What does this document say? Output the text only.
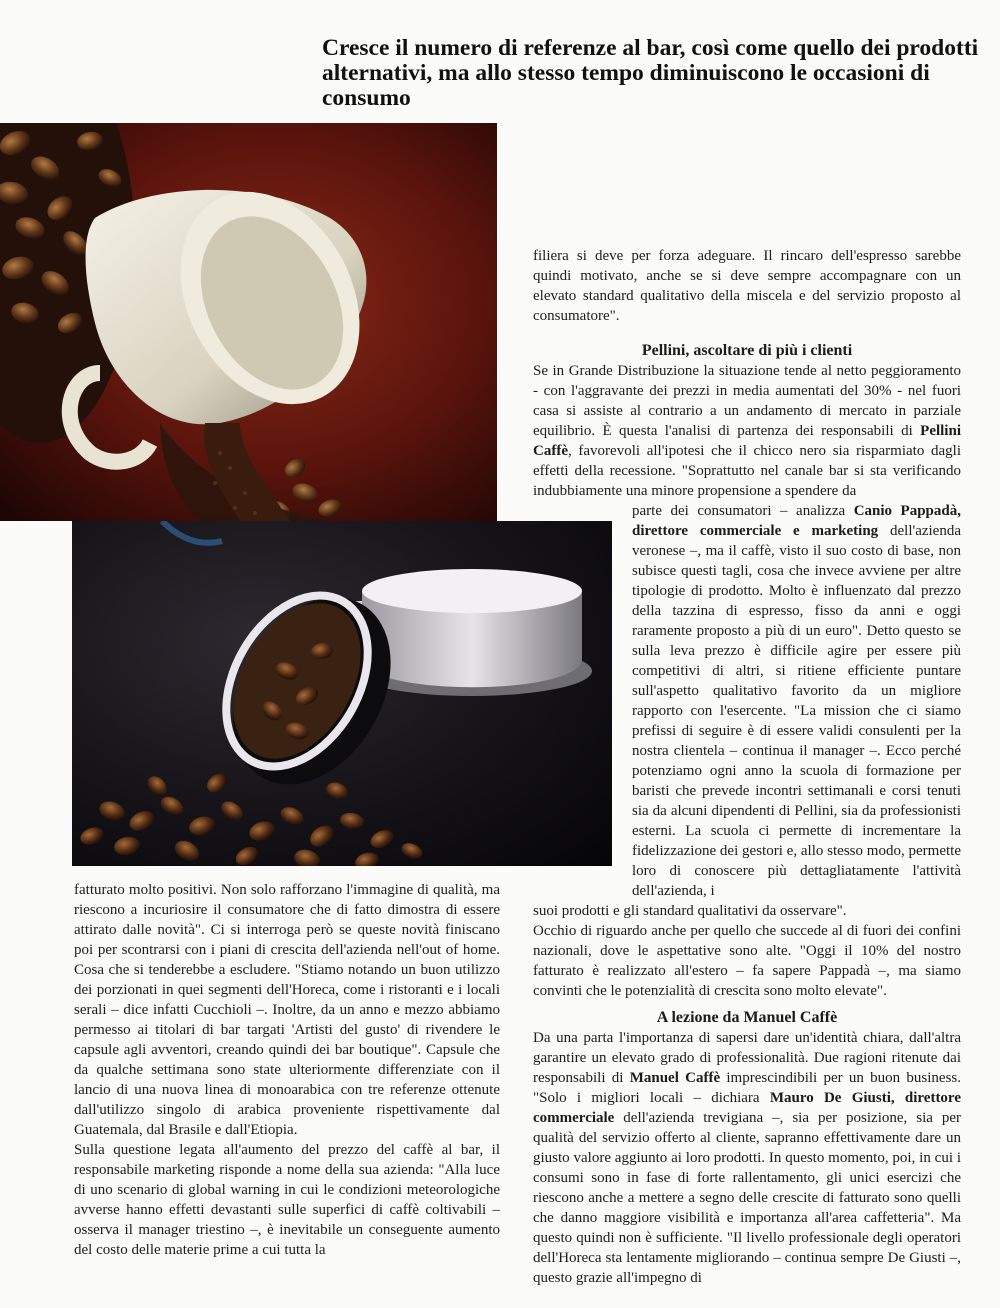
Cresce il numero di referenze al bar, così come quello dei prodotti alternativi, ma allo stesso tempo diminuiscono le occasioni di consumo

filiera si deve per forza adeguare. Il rincaro dell'espresso sarebbe quindi motivato, anche se si deve sempre accompagnare con un elevato standard qualitativo della miscela e del servizio proposto al consumatore".

Pellini, ascoltare di più i clienti

Se in Grande Distribuzione la situazione tende al netto peggioramento - con l'aggravante dei prezzi in media aumentati del 30% - nel fuori casa si assiste al contrario a un andamento di mercato in parziale equilibrio. È questa l'analisi di partenza dei responsabili di Pellini Caffè, favorevoli all'ipotesi che il chicco nero sia risparmiato dagli effetti della recessione. "Soprattutto nel canale bar si sta verificando indubbiamente una minore propensione a spendere da

parte dei consumatori – analizza Canio Pappadà, direttore commerciale e marketing dell'azienda veronese –, ma il caffè, visto il suo costo di base, non subisce questi tagli, cosa che invece avviene per altre tipologie di prodotto. Molto è influenzato dal prezzo della tazzina di espresso, fisso da anni e oggi raramente proposto a più di un euro". Detto questo se sulla leva prezzo è difficile agire per essere più competitivi di altri, si ritiene efficiente puntare sull'aspetto qualitativo favorito da un migliore rapporto con l'esercente. "La mission che ci siamo prefissi di seguire è di essere validi consulenti per la nostra clientela – continua il manager –. Ecco perché potenziamo ogni anno la scuola di formazione per baristi che prevede incontri settimanali e corsi tenuti sia da alcuni dipendenti di Pellini, sia da professionisti esterni. La scuola ci permette di incrementare la fidelizzazione dei gestori e, allo stesso modo, permette loro di conoscere più dettagliatamente l'attività dell'azienda, i

suoi prodotti e gli standard qualitativi da osservare".

Occhio di riguardo anche per quello che succede al di fuori dei confini nazionali, dove le aspettative sono alte. "Oggi il 10% del nostro fatturato è realizzato all'estero – fa sapere Pappadà –, ma siamo convinti che le potenzialità di crescita sono molto elevate".

A lezione da Manuel Caffè

Da una parta l'importanza di sapersi dare un'identità chiara, dall'altra garantire un elevato grado di professionalità. Due ragioni ritenute dai responsabili di Manuel Caffè imprescindibili per un buon business. "Solo i migliori locali – dichiara Mauro De Giusti, direttore commerciale dell'azienda trevigiana –, sia per posizione, sia per qualità del servizio offerto al cliente, sapranno effettivamente dare un giusto valore aggiunto ai loro prodotti. In questo momento, poi, in cui i consumi sono in fase di forte rallentamento, gli unici esercizi che riescono anche a mettere a segno delle crescite di fatturato sono quelli che danno maggiore visibilità e importanza all'area caffetteria". Ma questo quindi non è sufficiente. "Il livello professionale degli operatori dell'Horeca sta lentamente migliorando – continua sempre De Giusti –, questo grazie all'impegno di

fatturato molto positivi. Non solo rafforzano l'immagine di qualità, ma riescono a incuriosire il consumatore che di fatto dimostra di essere attirato dalle novità". Ci si interroga però se queste novità finiscano poi per scontrarsi con i piani di crescita dell'azienda nell'out of home. Cosa che si tenderebbe a escludere. "Stiamo notando un buon utilizzo dei porzionati in quei segmenti dell'Horeca, come i ristoranti e i locali serali – dice infatti Cucchioli –. Inoltre, da un anno e mezzo abbiamo permesso ai titolari di bar targati 'Artisti del gusto' di rivendere le capsule agli avventori, creando quindi dei bar boutique". Capsule che da qualche settimana sono state ulteriormente differenziate con il lancio di una nuova linea di monoarabica con tre referenze ottenute dall'utilizzo singolo di arabica proveniente rispettivamente dal Guatemala, dal Brasile e dall'Etiopia.

Sulla questione legata all'aumento del prezzo del caffè al bar, il responsabile marketing risponde a nome della sua azienda: "Alla luce di uno scenario di global warning in cui le condizioni meteorologiche avverse hanno effetti devastanti sulle superfici di caffè coltivabili – osserva il manager triestino –, è inevitabile un conseguente aumento del costo delle materie prime a cui tutta la
